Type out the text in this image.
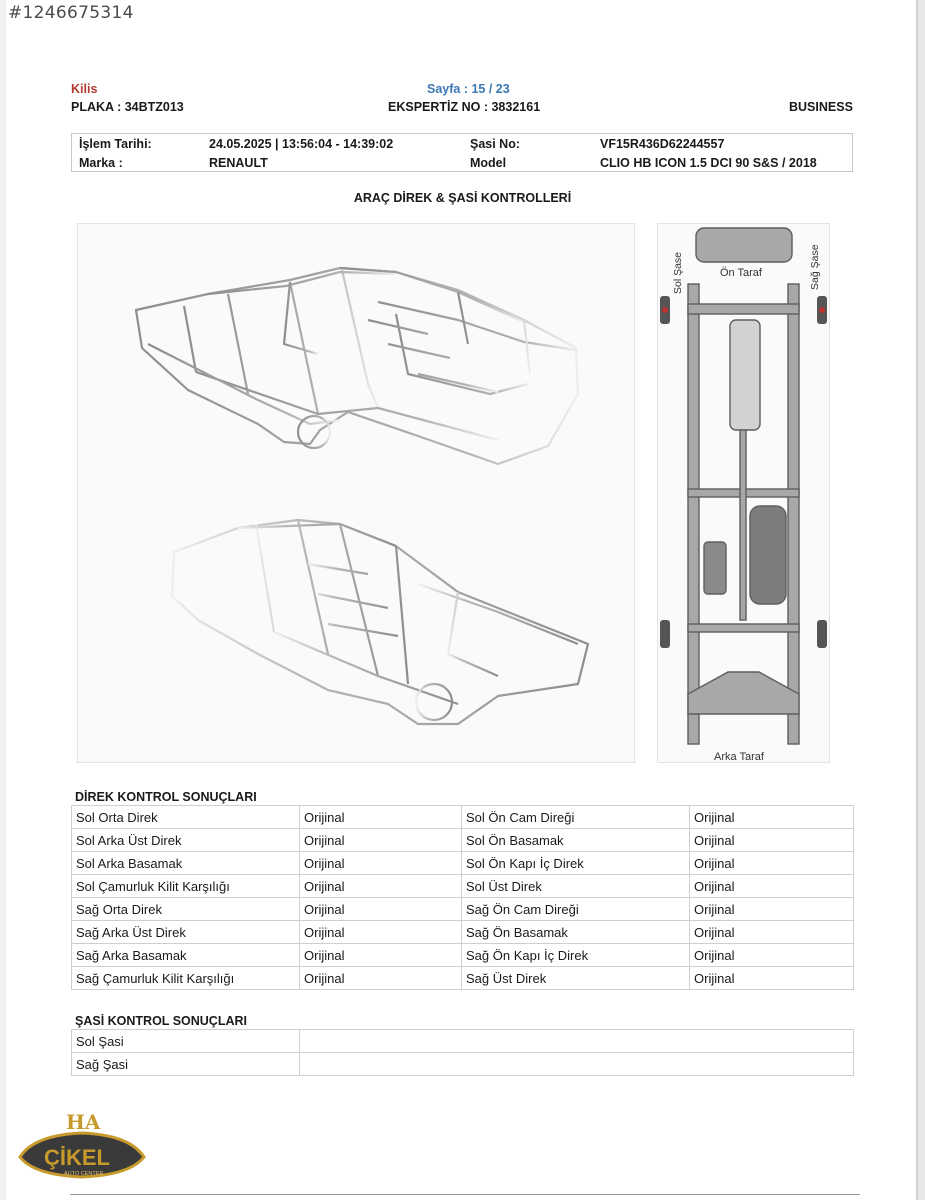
#1246675314
Kilis	Sayfa : 15 / 23
PLAKA : 34BTZ013	EKSPERTİZ NO : 3832161	BUSINESS
İşlem Tarihi:	24.05.2025 | 13:56:04 - 14:39:02	Şasi No:	VF15R436D62244557
Marka :	RENAULT	Model	CLIO HB ICON 1.5 DCI 90 S&S / 2018
ARAÇ DİREK & ŞASİ KONTROLLERİ
Ön Taraf
Arka Taraf
Sol Şase	Sağ Şase
DİREK KONTROL SONUÇLARI
Sol Orta Direk	Orijinal	Sol Ön Cam Direği	Orijinal
Sol Arka Üst Direk	Orijinal	Sol Ön Basamak	Orijinal
Sol Arka Basamak	Orijinal	Sol Ön Kapı İç Direk	Orijinal
Sol Çamurluk Kilit Karşılığı	Orijinal	Sol Üst Direk	Orijinal
Sağ Orta Direk	Orijinal	Sağ Ön Cam Direği	Orijinal
Sağ Arka Üst Direk	Orijinal	Sağ Ön Basamak	Orijinal
Sağ Arka Basamak	Orijinal	Sağ Ön Kapı İç Direk	Orijinal
Sağ Çamurluk Kilit Karşılığı	Orijinal	Sağ Üst Direk	Orijinal
ŞASİ KONTROL SONUÇLARI
Sol Şasi	
Sağ Şasi	
HA
ÇİKEL
AUTO CENTER
